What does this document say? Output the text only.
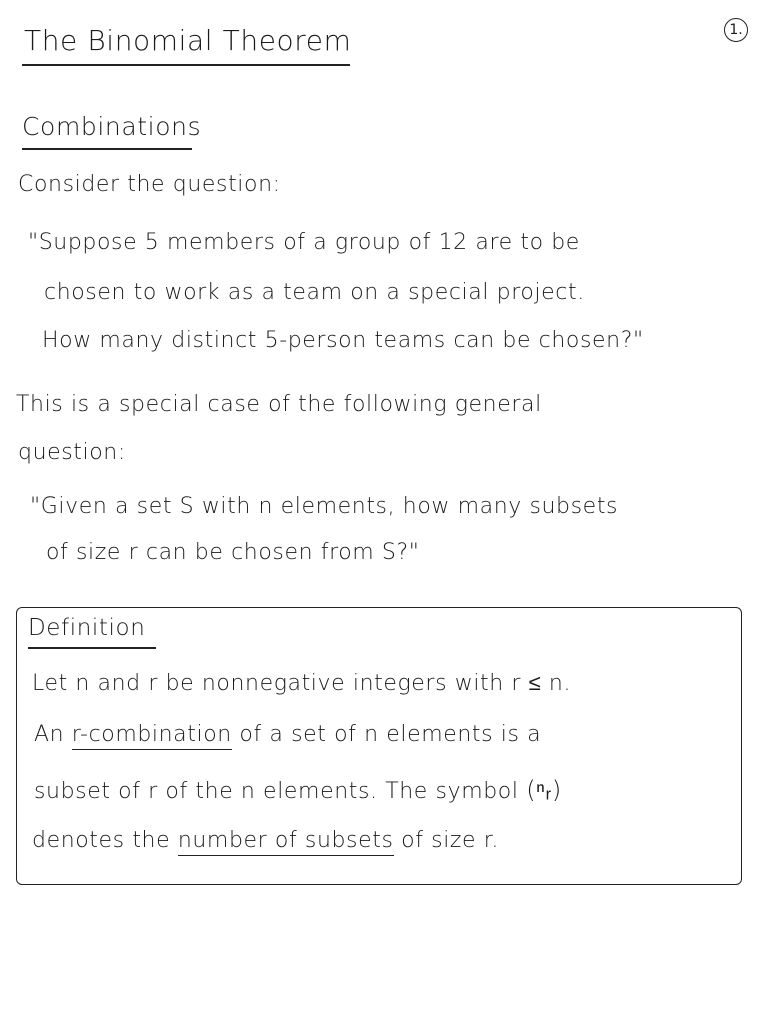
The Binomial Theorem	1.
Combinations
Consider the question:
"Suppose 5 members of a group of 12 are to be
chosen to work as a team on a special project.
How many distinct 5-person teams can be chosen?"
This is a special case of the following general
question:
"Given a set S with n elements, how many subsets
of size r can be chosen from S?"
Definition
Let n and r be nonnegative integers with r ≤ n.
An r-combination of a set of n elements is a
subset of r of the n elements. The symbol (ⁿᵣ)
denotes the number of subsets of size r.
